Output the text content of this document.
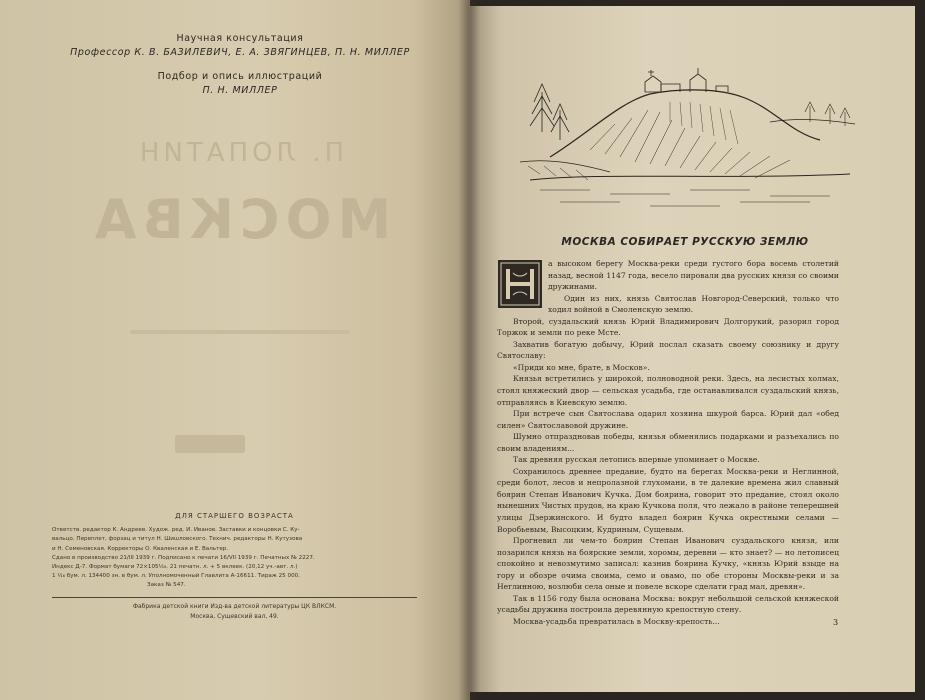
Научная консультация
Профессор К. В. БАЗИЛЕВИЧ, Е. А. ЗВЯГИНЦЕВ, П. Н. МИЛЛЕР
Подбор и опись иллюстраций
П. Н. МИЛЛЕР
П. ЛОПАТИН
МОСКВА
ДЛЯ СТАРШЕГО ВОЗРАСТА
Ответств. редактор К. Андреев. Худож. ред. И. Иванов. Заставки и концовки С. Ку-
вальцо. Переплет, форзац и титул Н. Шишловского. Технич. редакторы Н. Кутузова
и Н. Семеновская. Корректоры О. Кваленская и Е. Вальтер.
Сдано в производство 21/III 1939 г. Подписано к печати 16/VII 1939 г. Печатных № 2227.
Индекс Д-7. Формат бумаги 72×105⅟₁₆. 21 печатн. л. + 5 вклеек. (20,12 уч.-авт. л.)
1 ⅟₁₆ бум. л. 134400 зн. в бум. л. Уполномоченный Главлита А-16611. Тираж 25 000.
Заказ № 547.
Фабрика детской книги Изд-ва детской литературы ЦК ВЛКСМ.
Москва, Сущевский вал, 49.
МОСКВА СОБИРАЕТ РУССКУЮ ЗЕМЛЮ

а высоком берегу Москва-реки среди густого бора восемь столетий назад, весной 1147 года, весело пировали два русских князя со своими дружинами.

Один из них, князь Святослав Новгород-Северский, только что ходил войной в Смоленскую землю.

Второй, суздальский князь Юрий Владимирович Долгорукий, разорил город Торжок и земли по реке Мсте.

Захватив богатую добычу, Юрий послал сказать своему союзнику и другу Святославу:

«Приди ко мне, брате, в Москов».

Князья встретились у широкой, полноводной реки. Здесь, на лесистых холмах, стоял княжеский двор — сельская усадьба, где останавливался суздальский князь, отправляясь в Киевскую землю.

При встрече сын Святослава одарил хозяина шкурой барса. Юрий дал «обед силен» Святославовой дружине.

Шумно отпраздновав победы, князья обменялись подарками и разъехались по своим владениям...

Так древняя русская летопись впервые упоминает о Москве.

Сохранилось древнее предание, будто на берегах Москва-реки и Неглинной, среди болот, лесов и непролазной глухомани, в те далекие времена жил славный боярин Степан Иванович Кучка. Дом боярина, говорит это предание, стоял около нынешних Чистых прудов, на краю Кучкова поля, что лежало в районе теперешней улицы Дзержинского. И будто владел боярин Кучка окрестными селами — Воробьевым, Высоцким, Кудриным, Сущевым.

Прогневил ли чем-то боярин Степан Иванович суздальского князя, или позарился князь на боярские земли, хоромы, деревни — кто знает? — но летописец спокойно и невозмутимо записал: казнив боярина Кучку, «князь Юрий взыде на гору и обозре очима своима, семо и овамо, по обе стороны Москвы-реки и за Неглинною, возлюби села оные и повеле вскоре сделати град мал, древян».

Так в 1156 году была основана Москва: вокруг небольшой сельской княжеской усадьбы дружина построила деревянную крепостную стену.

Москва-усадьба превратилась в Москву-крепость...	3
